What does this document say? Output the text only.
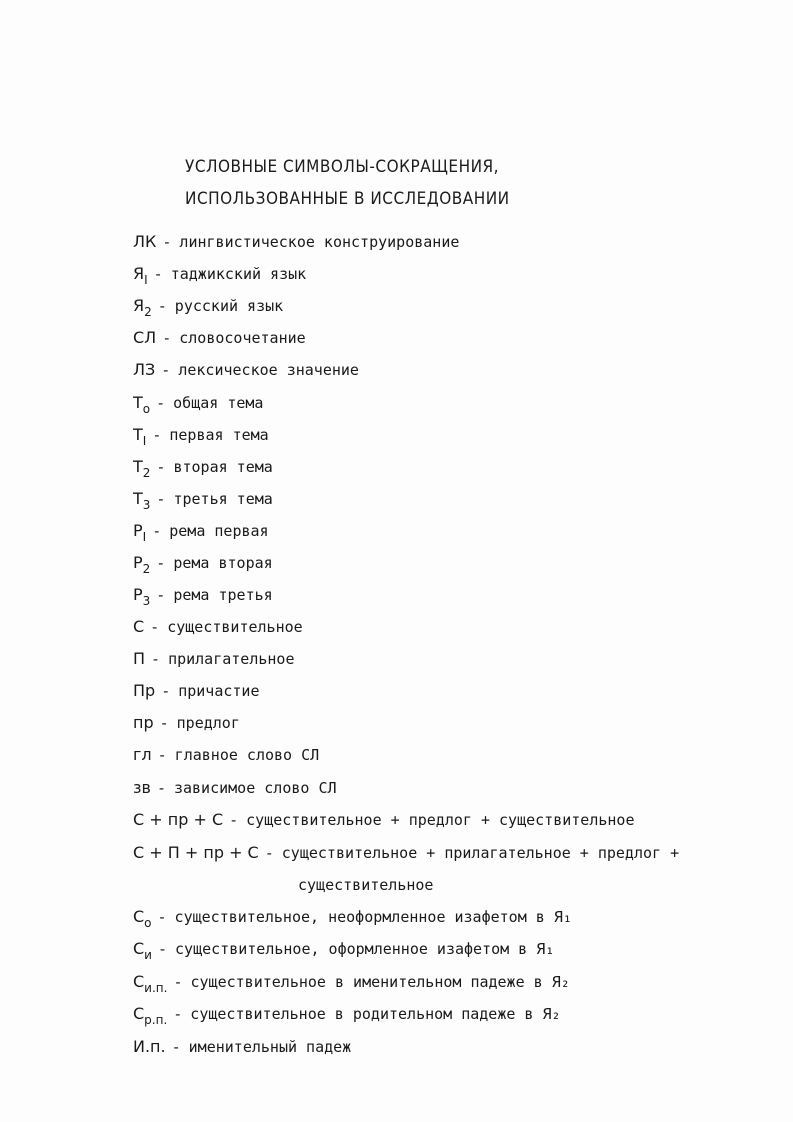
УСЛОВНЫЕ СИМВОЛЫ-СОКРАЩЕНИЯ,
ИСПОЛЬЗОВАННЫЕ В ИССЛЕДОВАНИИ
ЛК - лингвистическое конструирование
$Я_I$ - таджикский язык
$Я_2$ - русский язык
СЛ - словосочетание
ЛЗ - лексическое значение
$Т_о$ - общая тема
$Т_I$ - первая тема
$Т_2$ - вторая тема
$Т_3$ - третья тема
$Р_I$ - рема первая
$Р_2$ - рема вторая
$Р_3$ - рема третья
С- существительное
П- прилагательное
Пр - причастие
пр - предлог
гл - главное слово СЛ
зв - зависимое слово СЛ
С + пр + С - существительное + предлог + существительное
С + П + пр + С - существительное + прилагательное + предлог +
существительное
$С_о$ - существительное, неоформленное изафетом в Я₁
$С_и$ - существительное, оформленное изафетом в Я₁
$С_{и.п.}$ - существительное в именительном падеже в Я₂
$С_{р.п.}$ - существительное в родительном падеже в Я₂
И.п. - именительный падеж
